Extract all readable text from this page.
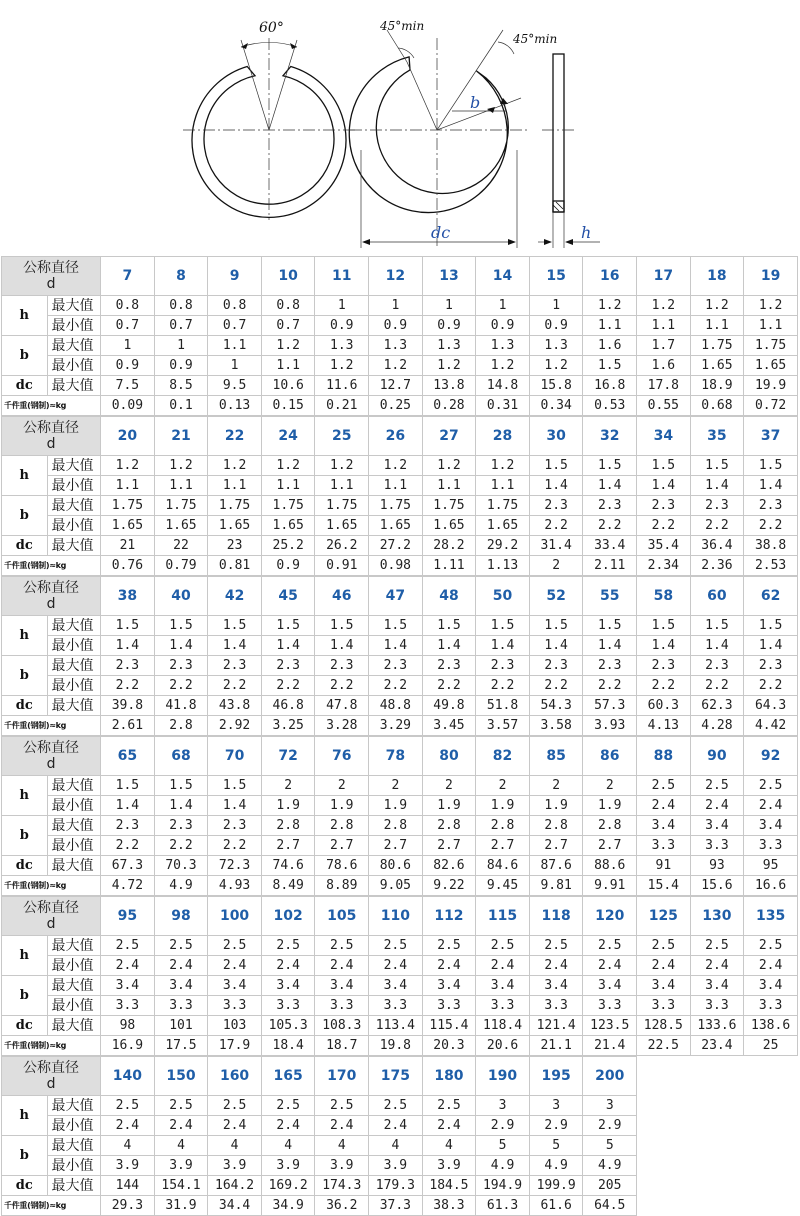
60°	45°min
45°min
b
dc	h
公称直径
d		7	8	9	10	11	12	13	14	15	16	17	18	19
h	最大值	0.8	0.8	0.8	0.8	1	1	1	1	1	1.2	1.2	1.2	1.2
	最小值	0.7	0.7	0.7	0.7	0.9	0.9	0.9	0.9	0.9	1.1	1.1	1.1	1.1
b	最大值	1	1	1.1	1.2	1.3	1.3	1.3	1.3	1.3	1.6	1.7	1.75	1.75
	最小值	0.9	0.9	1	1.1	1.2	1.2	1.2	1.2	1.2	1.5	1.6	1.65	1.65
dc	最大值	7.5	8.5	9.5	10.6	11.6	12.7	13.8	14.8	15.8	16.8	17.8	18.9	19.9
千件重(钢制)≈kg		0.09	0.1	0.13	0.15	0.21	0.25	0.28	0.31	0.34	0.53	0.55	0.68	0.72
公称直径
d		20	21	22	24	25	26	27	28	30	32	34	35	37
h	最大值	1.2	1.2	1.2	1.2	1.2	1.2	1.2	1.2	1.5	1.5	1.5	1.5	1.5
	最小值	1.1	1.1	1.1	1.1	1.1	1.1	1.1	1.1	1.4	1.4	1.4	1.4	1.4
b	最大值	1.75	1.75	1.75	1.75	1.75	1.75	1.75	1.75	2.3	2.3	2.3	2.3	2.3
	最小值	1.65	1.65	1.65	1.65	1.65	1.65	1.65	1.65	2.2	2.2	2.2	2.2	2.2
dc	最大值	21	22	23	25.2	26.2	27.2	28.2	29.2	31.4	33.4	35.4	36.4	38.8
千件重(钢制)≈kg		0.76	0.79	0.81	0.9	0.91	0.98	1.11	1.13	2	2.11	2.34	2.36	2.53
公称直径
d		38	40	42	45	46	47	48	50	52	55	58	60	62
h	最大值	1.5	1.5	1.5	1.5	1.5	1.5	1.5	1.5	1.5	1.5	1.5	1.5	1.5
	最小值	1.4	1.4	1.4	1.4	1.4	1.4	1.4	1.4	1.4	1.4	1.4	1.4	1.4
b	最大值	2.3	2.3	2.3	2.3	2.3	2.3	2.3	2.3	2.3	2.3	2.3	2.3	2.3
	最小值	2.2	2.2	2.2	2.2	2.2	2.2	2.2	2.2	2.2	2.2	2.2	2.2	2.2
dc	最大值	39.8	41.8	43.8	46.8	47.8	48.8	49.8	51.8	54.3	57.3	60.3	62.3	64.3
千件重(钢制)≈kg		2.61	2.8	2.92	3.25	3.28	3.29	3.45	3.57	3.58	3.93	4.13	4.28	4.42
公称直径
d		65	68	70	72	76	78	80	82	85	86	88	90	92
h	最大值	1.5	1.5	1.5	2	2	2	2	2	2	2	2.5	2.5	2.5
	最小值	1.4	1.4	1.4	1.9	1.9	1.9	1.9	1.9	1.9	1.9	2.4	2.4	2.4
b	最大值	2.3	2.3	2.3	2.8	2.8	2.8	2.8	2.8	2.8	2.8	3.4	3.4	3.4
	最小值	2.2	2.2	2.2	2.7	2.7	2.7	2.7	2.7	2.7	2.7	3.3	3.3	3.3
dc	最大值	67.3	70.3	72.3	74.6	78.6	80.6	82.6	84.6	87.6	88.6	91	93	95
千件重(钢制)≈kg		4.72	4.9	4.93	8.49	8.89	9.05	9.22	9.45	9.81	9.91	15.4	15.6	16.6
公称直径
d		95	98	100	102	105	110	112	115	118	120	125	130	135
h	最大值	2.5	2.5	2.5	2.5	2.5	2.5	2.5	2.5	2.5	2.5	2.5	2.5	2.5
	最小值	2.4	2.4	2.4	2.4	2.4	2.4	2.4	2.4	2.4	2.4	2.4	2.4	2.4
b	最大值	3.4	3.4	3.4	3.4	3.4	3.4	3.4	3.4	3.4	3.4	3.4	3.4	3.4
	最小值	3.3	3.3	3.3	3.3	3.3	3.3	3.3	3.3	3.3	3.3	3.3	3.3	3.3
dc	最大值	98	101	103	105.3	108.3	113.4	115.4	118.4	121.4	123.5	128.5	133.6	138.6
千件重(钢制)≈kg		16.9	17.5	17.9	18.4	18.7	19.8	20.3	20.6	21.1	21.4	22.5	23.4	25
公称直径
d		140	150	160	165	170	175	180	190	195	200			
h	最大值	2.5	2.5	2.5	2.5	2.5	2.5	2.5	3	3	3			
	最小值	2.4	2.4	2.4	2.4	2.4	2.4	2.4	2.9	2.9	2.9			
b	最大值	4	4	4	4	4	4	4	5	5	5			
	最小值	3.9	3.9	3.9	3.9	3.9	3.9	3.9	4.9	4.9	4.9			
dc	最大值	144	154.1	164.2	169.2	174.3	179.3	184.5	194.9	199.9	205			
千件重(钢制)≈kg		29.3	31.9	34.4	34.9	36.2	37.3	38.3	61.3	61.6	64.5			
